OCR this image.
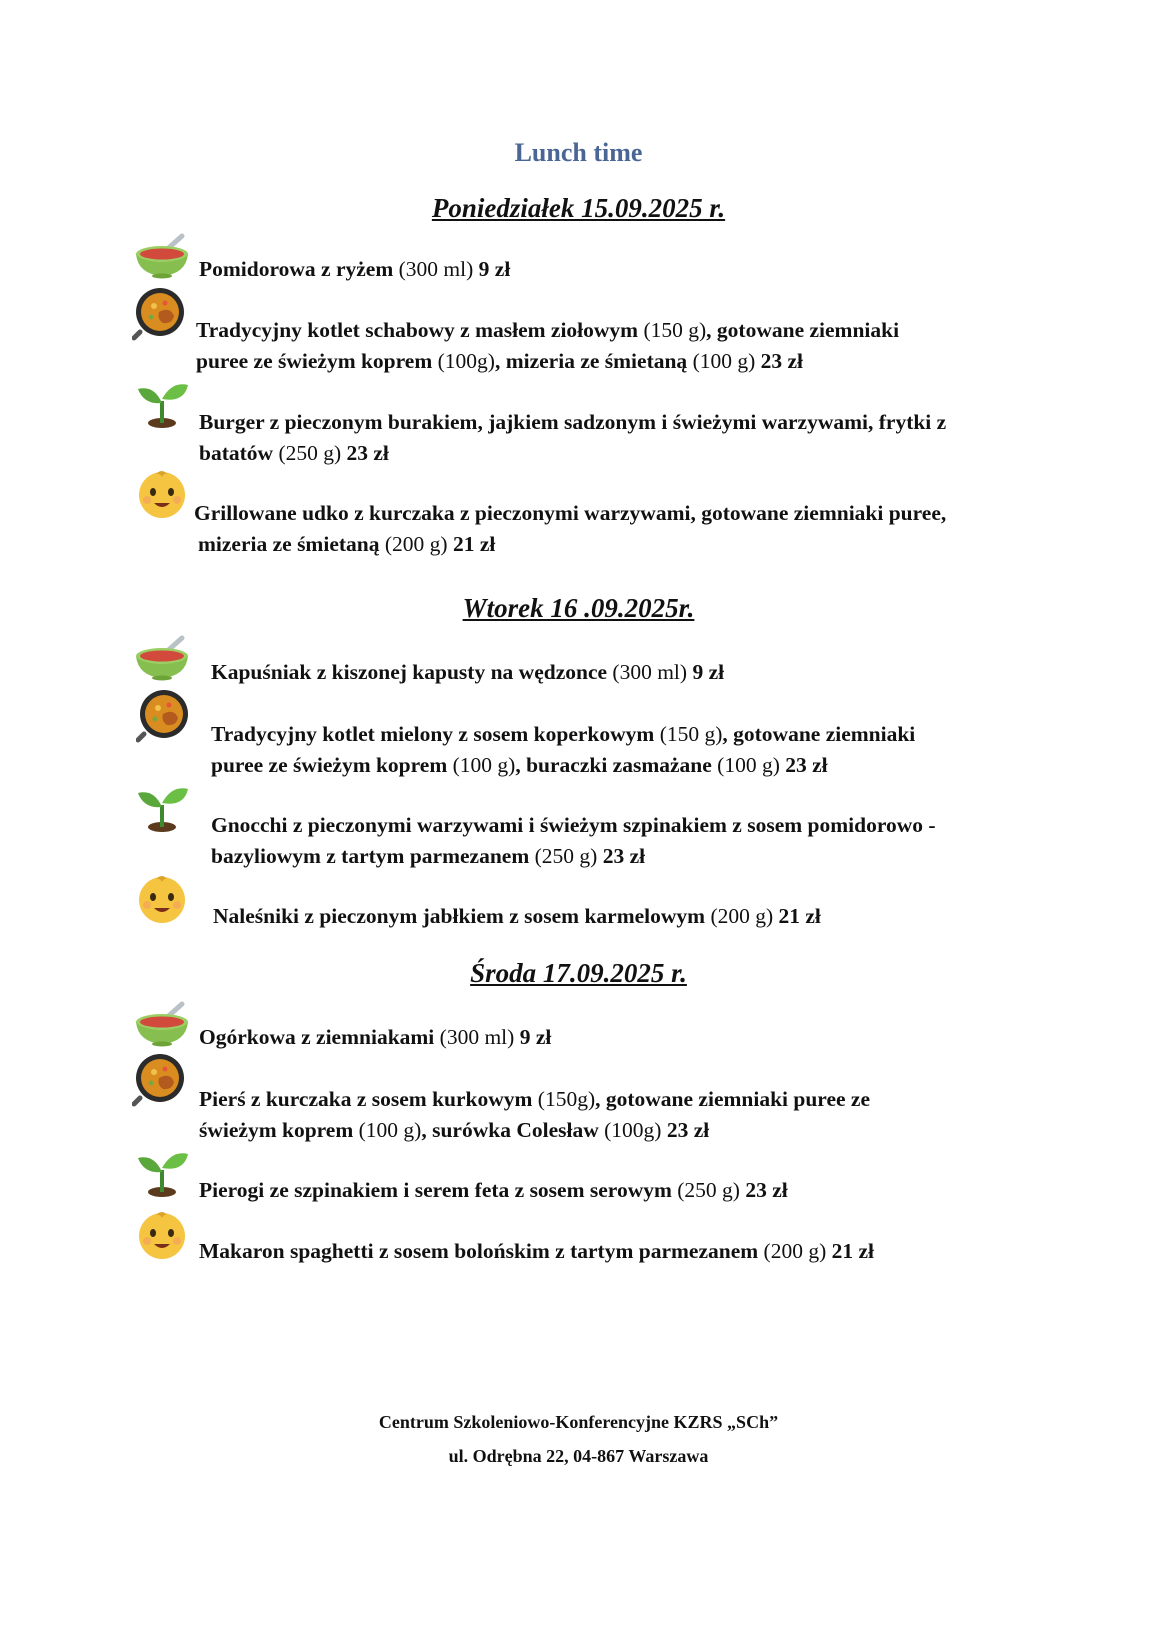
Lunch time
Poniedziałek 15.09.2025 r.
Pomidorowa z ryżem (300 ml) 9 zł
Tradycyjny kotlet schabowy z masłem ziołowym (150 g), gotowane ziemniaki
puree ze świeżym koprem (100g), mizeria ze śmietaną (100 g) 23 zł
Burger z pieczonym burakiem, jajkiem sadzonym i świeżymi warzywami, frytki z
batatów (250 g) 23 zł
Grillowane udko z kurczaka z pieczonymi warzywami, gotowane ziemniaki puree,
mizeria ze śmietaną (200 g) 21 zł
Wtorek 16 .09.2025r.
Kapuśniak z kiszonej kapusty na wędzonce (300 ml) 9 zł
Tradycyjny kotlet mielony z sosem koperkowym (150 g), gotowane ziemniaki
puree ze świeżym koprem (100 g), buraczki zasmażane (100 g) 23 zł
Gnocchi z pieczonymi warzywami i świeżym szpinakiem z sosem pomidorowo -
bazyliowym z tartym parmezanem (250 g) 23 zł
Naleśniki z pieczonym jabłkiem z sosem karmelowym (200 g) 21 zł
Środa 17.09.2025 r.
Ogórkowa z ziemniakami (300 ml) 9 zł
Pierś z kurczaka z sosem kurkowym (150g), gotowane ziemniaki puree ze
świeżym koprem (100 g), surówka Colesław (100g) 23 zł
Pierogi ze szpinakiem i serem feta z sosem serowym (250 g) 23 zł
Makaron spaghetti z sosem bolońskim z tartym parmezanem (200 g) 21 zł
Centrum Szkoleniowo-Konferencyjne KZRS „SCh”
ul. Odrębna 22, 04-867 Warszawa
